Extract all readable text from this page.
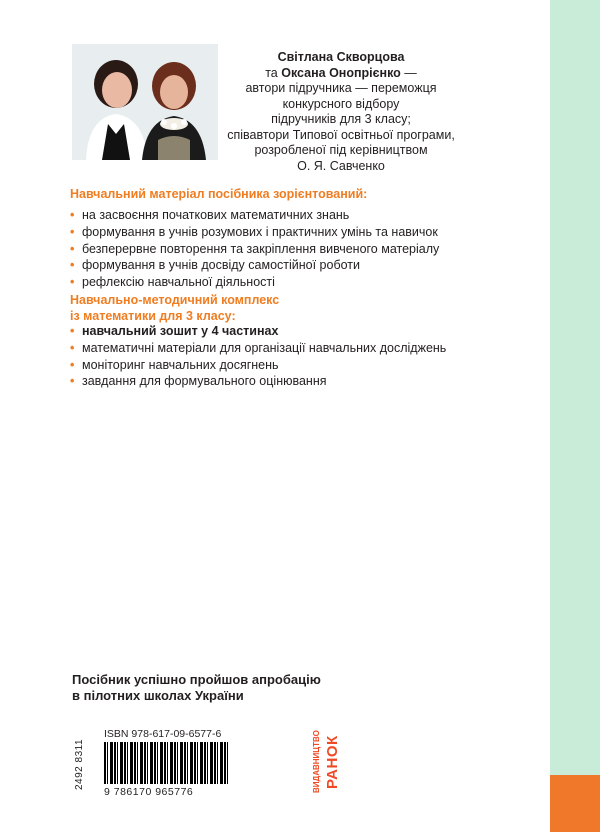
Світлана Скворцова
та Оксана Онопрієнко —
автори підручника — переможця
конкурсного відбору
підручників для 3 класу;
співавтори Типової освітньої програми,
розробленої під керівництвом
О. Я. Савченко
Навчальний матеріал посібника зорієнтований:
• на засвоєння початкових математичних знань
• формування в учнів розумових і практичних умінь та навичок
• безперервне повторення та закріплення вивченого матеріалу
• формування в учнів досвіду самостійної роботи
• рефлексію навчальної діяльності
Навчально-методичний комплекс
із математики для 3 класу:
• навчальний зошит у 4 частинах
• математичні матеріали для організації навчальних досліджень
• моніторинг навчальних досягнень
• завдання для формувального оцінювання
Посібник успішно пройшов апробацію
в пілотних школах України
2492 8311
ISBN 978-617-09-6577-6
9 786170 965776	ВИДАВНИЦТВО РАНОК
